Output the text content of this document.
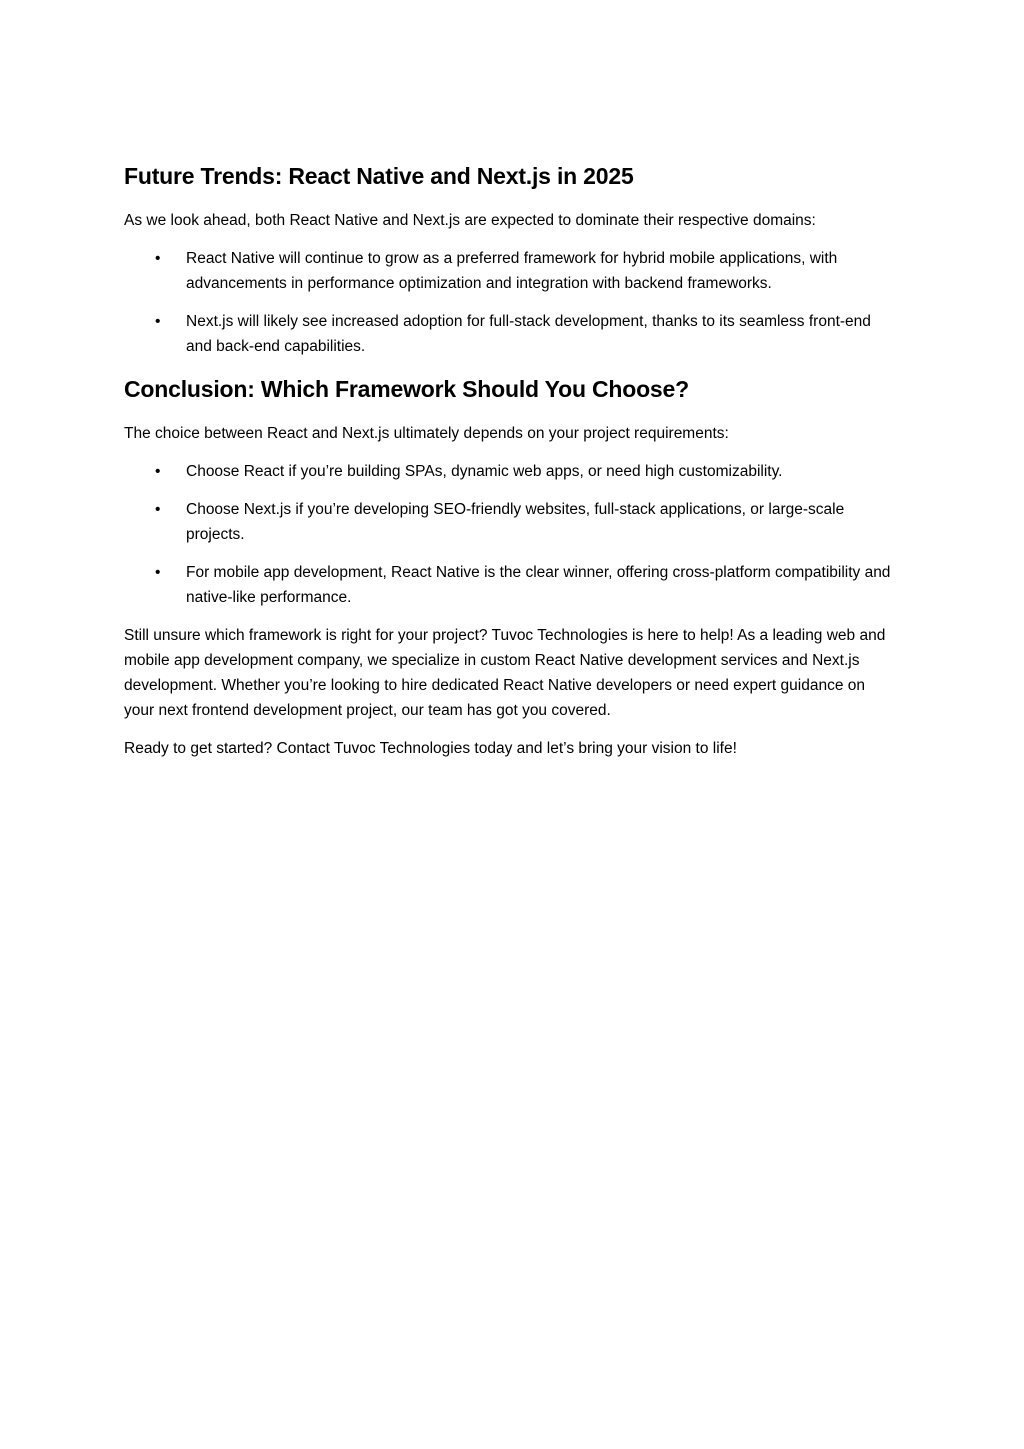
Future Trends: React Native and Next.js in 2025

As we look ahead, both React Native and Next.js are expected to dominate their respective domains:

• React Native will continue to grow as a preferred framework for hybrid mobile applications, with advancements in performance optimization and integration with backend frameworks.
• Next.js will likely see increased adoption for full-stack development, thanks to its seamless front-end and back-end capabilities.
Conclusion: Which Framework Should You Choose?

The choice between React and Next.js ultimately depends on your project requirements:

• Choose React if you’re building SPAs, dynamic web apps, or need high customizability.
• Choose Next.js if you’re developing SEO-friendly websites, full-stack applications, or large-scale projects.
• For mobile app development, React Native is the clear winner, offering cross-platform compatibility and native-like performance.

Still unsure which framework is right for your project? Tuvoc Technologies is here to help! As a leading web and mobile app development company, we specialize in custom React Native development services and Next.js development. Whether you’re looking to hire dedicated React Native developers or need expert guidance on your next frontend development project, our team has got you covered.

Ready to get started? Contact Tuvoc Technologies today and let’s bring your vision to life!
